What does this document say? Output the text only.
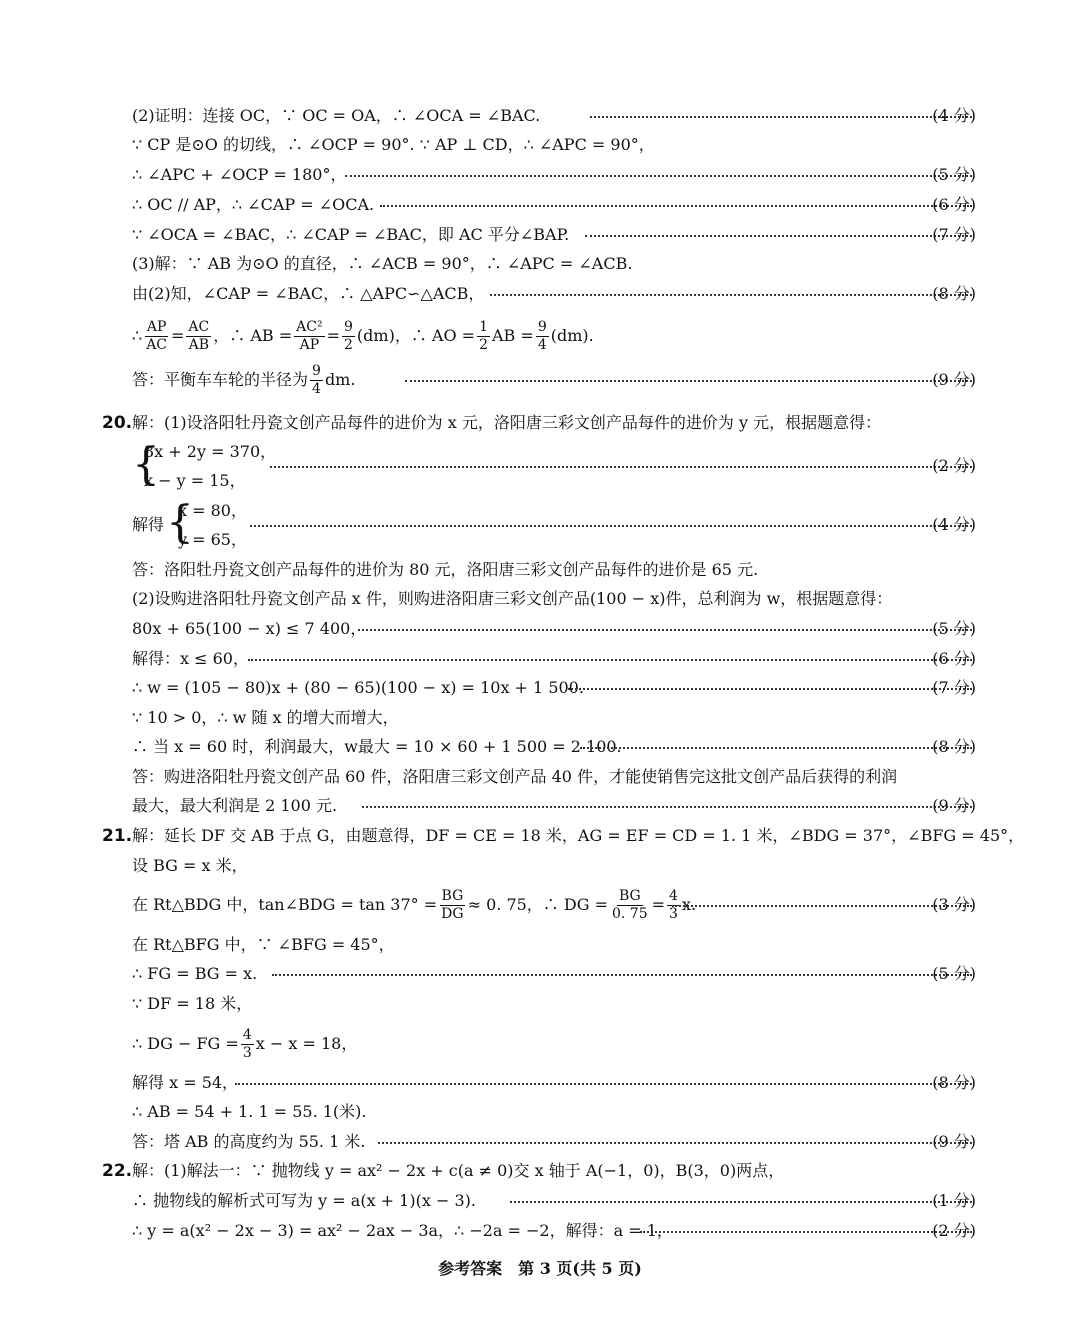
(2)证明：连接 OC，∵ OC = OA，∴ ∠OCA = ∠BAC.	(4 分)
∵ CP 是⊙O 的切线，∴ ∠OCP = 90°. ∵ AP ⊥ CD，∴ ∠APC = 90°，
∴ ∠APC + ∠OCP = 180°，	(5 分)
∴ OC // AP，∴ ∠CAP = ∠OCA.	(6 分)
∵ ∠OCA = ∠BAC，∴ ∠CAP = ∠BAC，即 AC 平分∠BAP.	(7 分)
(3)解：∵ AB 为⊙O 的直径，∴ ∠ACB = 90°，∴ ∠APC = ∠ACB.
由(2)知，∠CAP = ∠BAC，∴ △APC∽△ACB，	(8 分)
∴ $\frac{AP}{AC} = \frac{AC}{AB}$ ，∴ AB = $\frac{\text{AC²}}{AP} = \frac{9}{2} (dm)$，∴ AO = $\frac{1}{2}$ AB = $\frac{9}{4} (dm)$.
答：平衡车车轮的半径为 $\frac{9}{4}$ dm.	(9 分)
20. 解：(1)设洛阳牡丹瓷文创产品每件的进价为 x 元，洛阳唐三彩文创产品每件的进价为 y 元，根据题意得：
{
3x + 2y = 370，
x − y = 15，
(2 分)
解得	(4 分)
{
x = 80，
y = 65，
答：洛阳牡丹瓷文创产品每件的进价为 80 元，洛阳唐三彩文创产品每件的进价是 65 元.
(2)设购进洛阳牡丹瓷文创产品 x 件，则购进洛阳唐三彩文创产品(100 − x)件，总利润为 w，根据题意得：
80x + 65(100 − x) ≤ 7 400，	(5 分)
解得：x ≤ 60，	(6 分)
∴ w = (105 − 80)x + (80 − 65)(100 − x) = 10x + 1 500.	(7 分)
∵ 10 > 0，∴ w 随 x 的增大而增大，
∴ 当 x = 60 时，利润最大，w最大 = 10 × 60 + 1 500 = 2 100.	(8 分)
答：购进洛阳牡丹瓷文创产品 60 件，洛阳唐三彩文创产品 40 件，才能使销售完这批文创产品后获得的利润
最大，最大利润是 2 100 元.	(9 分)
21. 解：延长 DF 交 AB 于点 G，由题意得，DF = CE = 18 米，AG = EF = CD = 1. 1 米，∠BDG = 37°，∠BFG = 45°，
设 BG = x 米，
在 Rt△BDG 中，tan∠BDG = $\tan 37^\circ = \frac{BG}{DG} \approx 0$. 75，∴ DG = $\frac{BG}{0. 75} = \frac{4}{3} x$.	(3 分)
在 Rt△BFG 中，∵ ∠BFG = 45°，
∴ FG = BG = x.	(5 分)
∵ DF = 18 米，
∴ DG − FG = $\frac{4}{3}$ x − x = 18，
解得 x = 54，	(8 分)
∴ AB = 54 + 1. 1 = 55. 1(米).
答：塔 AB 的高度约为 55. 1 米.	(9 分)
22. 解：(1)解法一：∵ 抛物线 y = ax² − 2x + c(a ≠ 0)交 x 轴于 A(−1，0)，B(3，0)两点，
∴ 抛物线的解析式可写为 y = a(x + 1)(x − 3).	(1 分)
∴ y = a(x² − 2x − 3) = ax² − 2ax − 3a，∴ −2a = −2，解得：a = 1，	(2 分)
参考答案　第 3 页(共 5 页)
